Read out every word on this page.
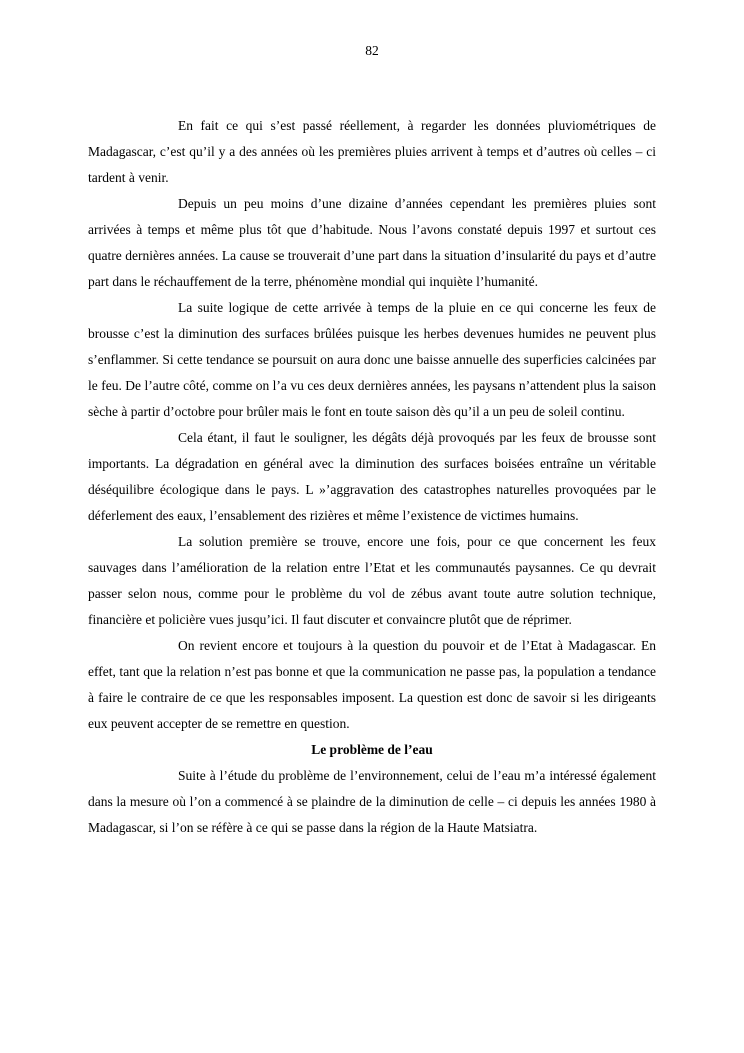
82

En fait ce qui s’est passé réellement, à regarder les données pluviométriques de Madagascar, c’est qu’il y a des années où les premières pluies arrivent à temps et d’autres où celles – ci tardent à venir.

Depuis un peu moins d’une dizaine d’années cependant les premières pluies sont arrivées à temps et même plus tôt que d’habitude. Nous l’avons constaté depuis 1997 et surtout ces quatre dernières années. La cause se trouverait d’une part dans la situation d’insularité du pays et d’autre part dans le réchauffement de la terre, phénomène mondial qui inquiète l’humanité.

La suite logique de cette arrivée à temps de la pluie en ce qui concerne les feux de brousse c’est la diminution des surfaces brûlées puisque les herbes devenues humides ne peuvent plus s’enflammer. Si cette tendance se poursuit on aura donc une baisse annuelle des superficies calcinées par le feu. De l’autre côté, comme on l’a vu ces deux dernières années, les paysans n’attendent plus la saison sèche à partir d’octobre pour brûler mais le font en toute saison dès qu’il a un peu de soleil continu.

Cela étant, il faut le souligner, les dégâts déjà provoqués par les feux de brousse sont importants. La dégradation en général avec la diminution des surfaces boisées entraîne un véritable déséquilibre écologique dans le pays. L »’aggravation des catastrophes naturelles provoquées par le déferlement des eaux, l’ensablement des rizières et même l’existence de victimes humains.

La solution première se trouve, encore une fois, pour ce que concernent les feux sauvages dans l’amélioration de la relation entre l’Etat et les communautés paysannes. Ce qu devrait passer selon nous, comme pour le problème du vol de zébus avant toute autre solution technique, financière et policière vues jusqu’ici. Il faut discuter et convaincre plutôt que de réprimer.

On revient encore et toujours à la question du pouvoir et de l’Etat à Madagascar. En effet, tant que la relation n’est pas bonne et que la communication ne passe pas, la population a tendance à faire le contraire de ce que les responsables imposent. La question est donc de savoir si les dirigeants eux peuvent accepter de se remettre en question.

Le problème de l’eau

Suite à l’étude du problème de l’environnement, celui de l’eau m’a intéressé également dans la mesure où l’on a commencé à se plaindre de la diminution de celle – ci depuis les années 1980 à Madagascar, si l’on se réfère à ce qui se passe dans la région de la Haute Matsiatra.
